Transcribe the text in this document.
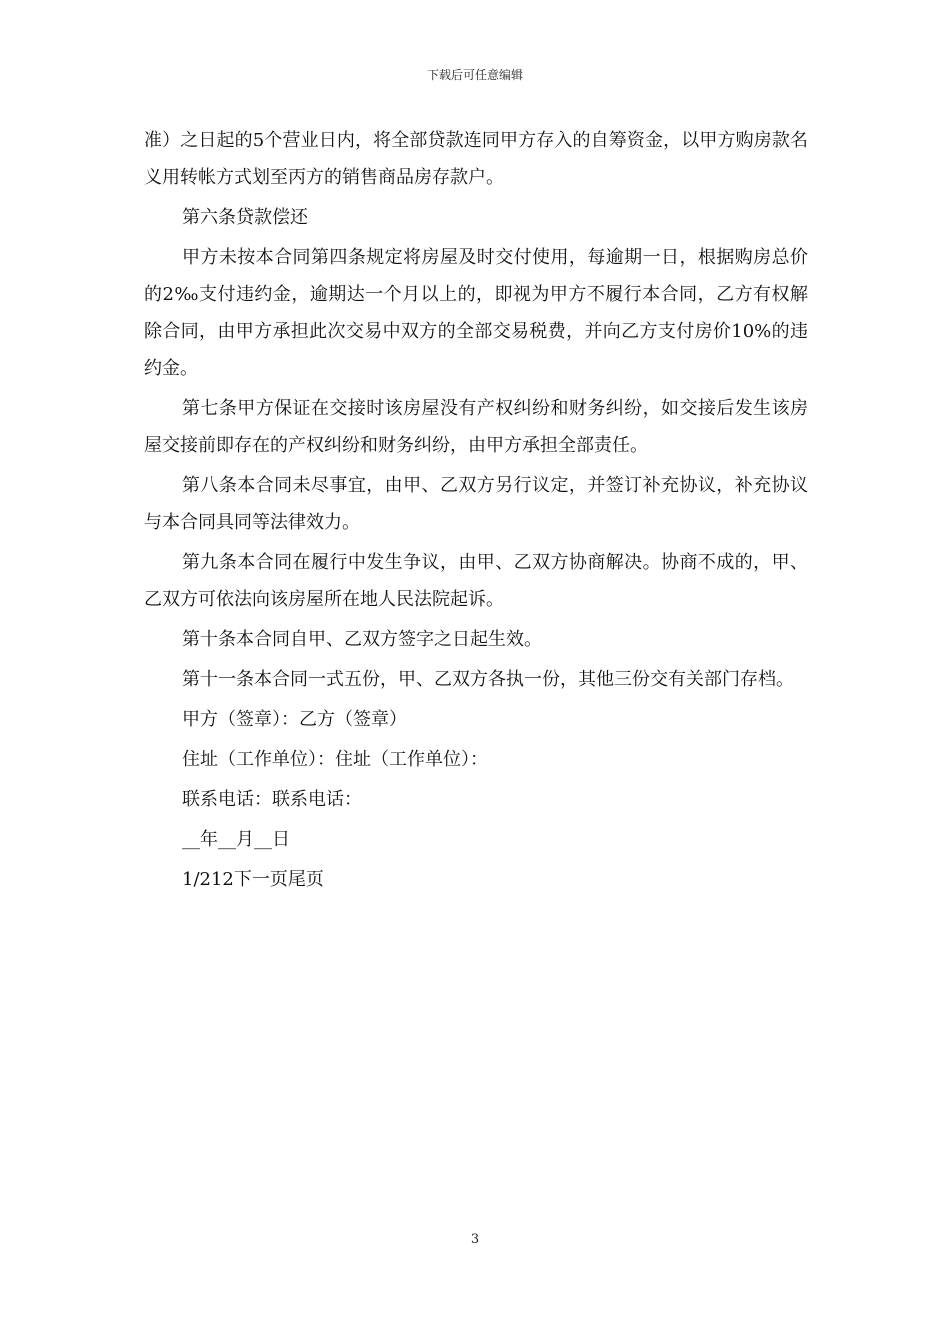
下载后可任意编辑

准）之日起的5个营业日内，将全部贷款连同甲方存入的自筹资金，以甲方购房款名义用转帐方式划至丙方的销售商品房存款户。

第六条贷款偿还

甲方未按本合同第四条规定将房屋及时交付使用，每逾期一日，根据购房总价的2‰支付违约金，逾期达一个月以上的，即视为甲方不履行本合同，乙方有权解除合同，由甲方承担此次交易中双方的全部交易税费，并向乙方支付房价10%的违约金。

第七条甲方保证在交接时该房屋没有产权纠纷和财务纠纷，如交接后发生该房屋交接前即存在的产权纠纷和财务纠纷，由甲方承担全部责任。

第八条本合同未尽事宜，由甲、乙双方另行议定，并签订补充协议，补充协议与本合同具同等法律效力。

第九条本合同在履行中发生争议，由甲、乙双方协商解决。协商不成的，甲、乙双方可依法向该房屋所在地人民法院起诉。

第十条本合同自甲、乙双方签字之日起生效。

第十一条本合同一式五份，甲、乙双方各执一份，其他三份交有关部门存档。

甲方（签章）：乙方（签章）

住址（工作单位）：住址（工作单位）：

联系电话：联系电话：

__年__月__日

1/212下一页尾页

3
